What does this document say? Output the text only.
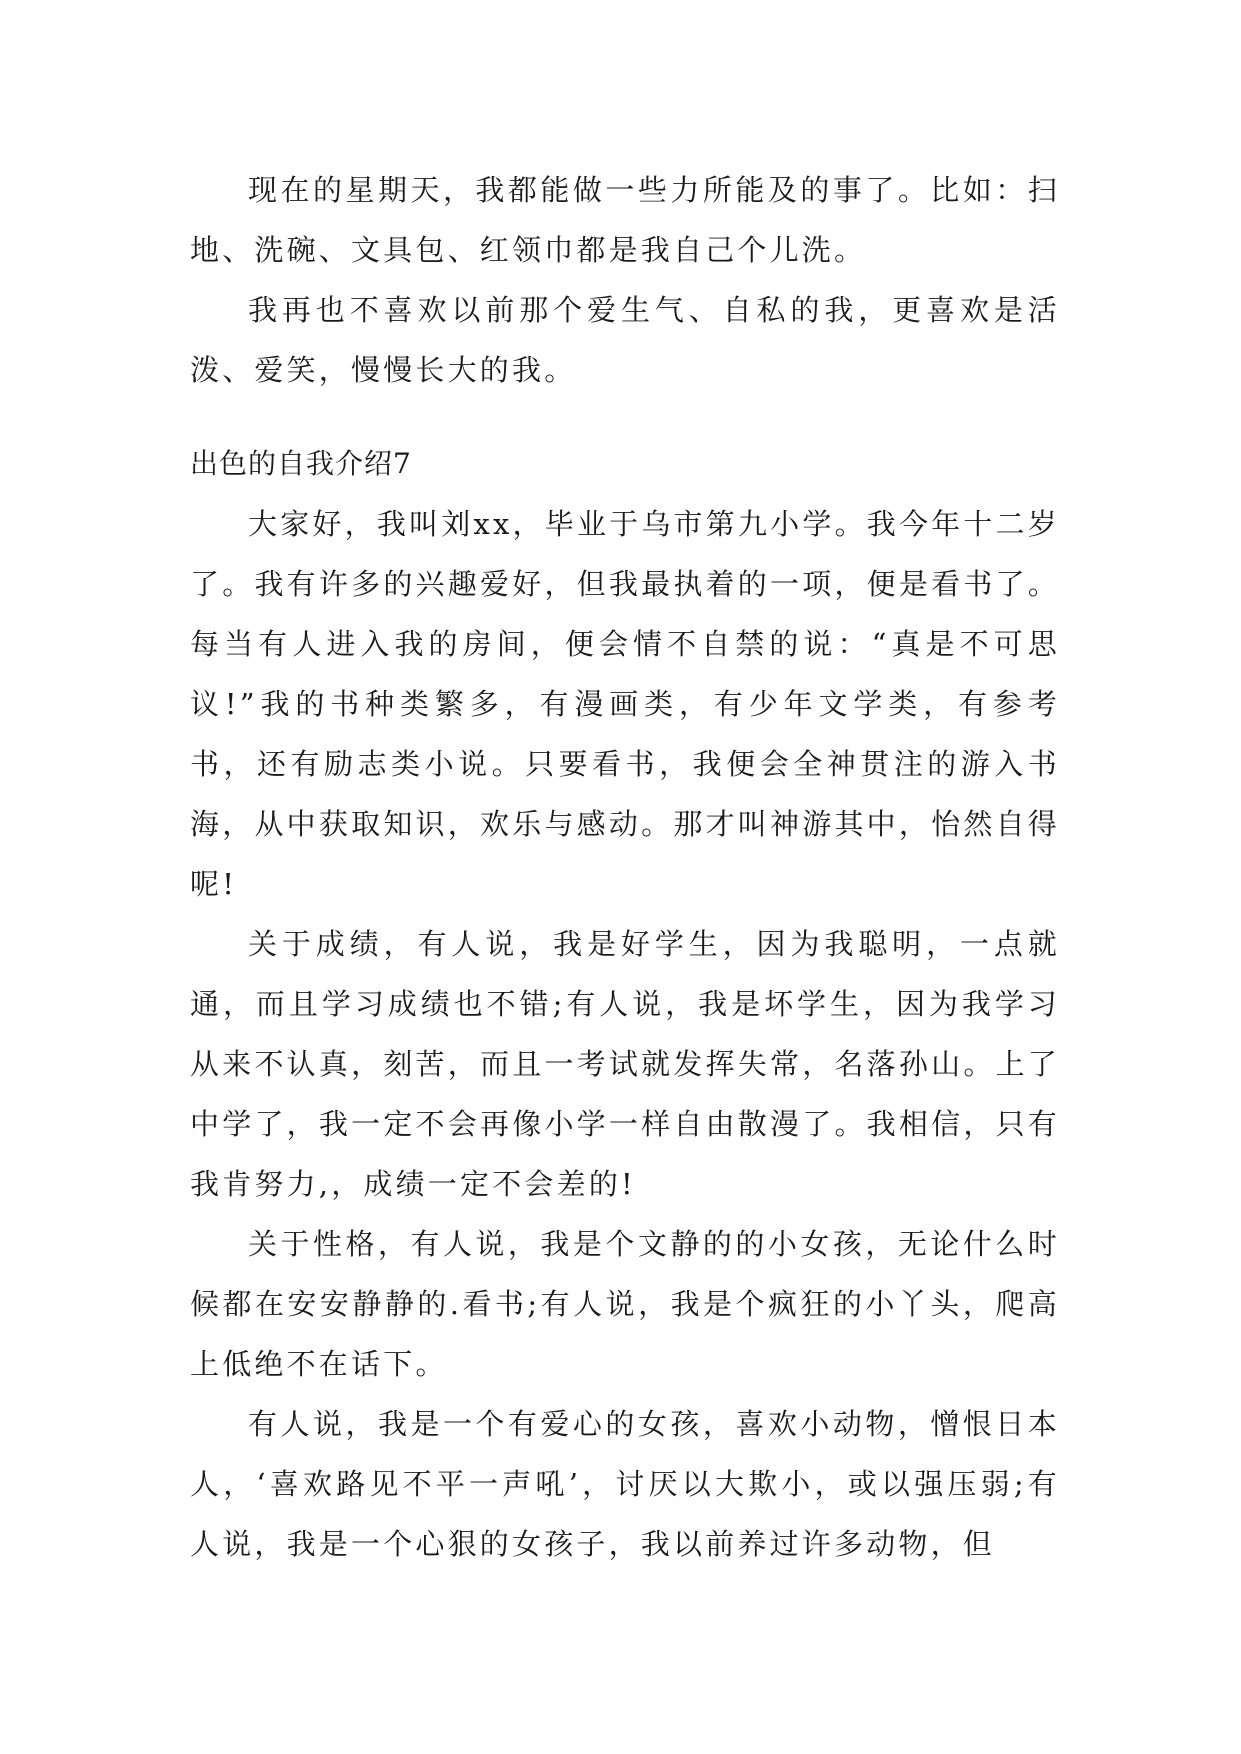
现在的星期天，我都能做一些力所能及的事了。比如：扫地、洗碗、文具包、红领巾都是我自己个儿洗。

我再也不喜欢以前那个爱生气、自私的我，更喜欢是活泼、爱笑，慢慢长大的我。

出色的自我介绍7

大家好，我叫刘xx，毕业于乌市第九小学。我今年十二岁了。我有许多的兴趣爱好，但我最执着的一项，便是看书了。每当有人进入我的房间，便会情不自禁的说：“真是不可思议!”我的书种类繁多，有漫画类，有少年文学类，有参考书，还有励志类小说。只要看书，我便会全神贯注的游入书海，从中获取知识，欢乐与感动。那才叫神游其中，怡然自得呢!

关于成绩，有人说，我是好学生，因为我聪明，一点就通，而且学习成绩也不错;有人说，我是坏学生，因为我学习从来不认真，刻苦，而且一考试就发挥失常，名落孙山。上了中学了，我一定不会再像小学一样自由散漫了。我相信，只有我肯努力,，成绩一定不会差的!

关于性格，有人说，我是个文静的的小女孩，无论什么时候都在安安静静的.看书;有人说，我是个疯狂的小丫头，爬高上低绝不在话下。

有人说，我是一个有爱心的女孩，喜欢小动物，憎恨日本人，‘喜欢路见不平一声吼’，讨厌以大欺小，或以强压弱;有人说，我是一个心狠的女孩子，我以前养过许多动物，但
